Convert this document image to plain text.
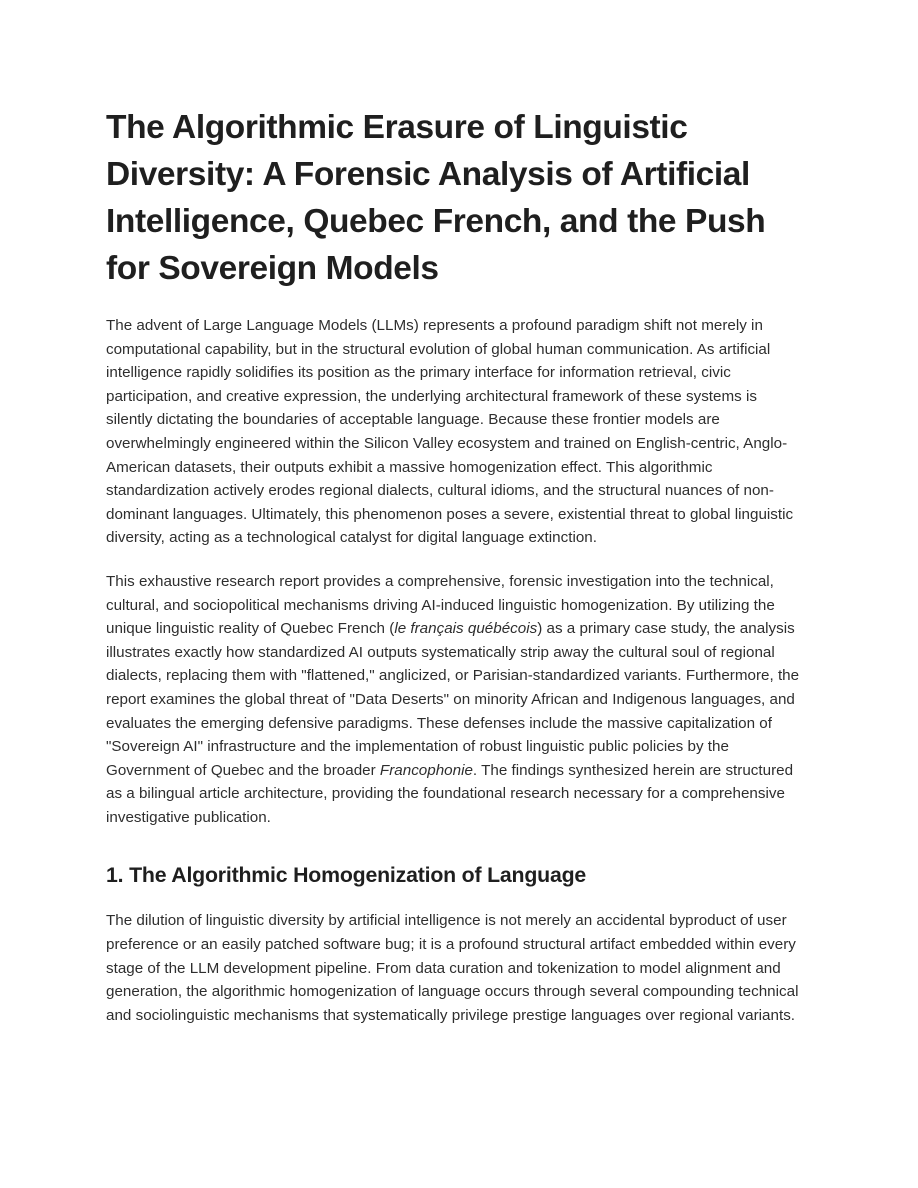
The Algorithmic Erasure of Linguistic Diversity: A Forensic Analysis of Artificial Intelligence, Quebec French, and the Push for Sovereign Models

The advent of Large Language Models (LLMs) represents a profound paradigm shift not merely in computational capability, but in the structural evolution of global human communication. As artificial intelligence rapidly solidifies its position as the primary interface for information retrieval, civic participation, and creative expression, the underlying architectural framework of these systems is silently dictating the boundaries of acceptable language. Because these frontier models are overwhelmingly engineered within the Silicon Valley ecosystem and trained on English-centric, Anglo-American datasets, their outputs exhibit a massive homogenization effect. This algorithmic standardization actively erodes regional dialects, cultural idioms, and the structural nuances of non-dominant languages. Ultimately, this phenomenon poses a severe, existential threat to global linguistic diversity, acting as a technological catalyst for digital language extinction.

This exhaustive research report provides a comprehensive, forensic investigation into the technical, cultural, and sociopolitical mechanisms driving AI-induced linguistic homogenization. By utilizing the unique linguistic reality of Quebec French (le français québécois) as a primary case study, the analysis illustrates exactly how standardized AI outputs systematically strip away the cultural soul of regional dialects, replacing them with "flattened," anglicized, or Parisian-standardized variants. Furthermore, the report examines the global threat of "Data Deserts" on minority African and Indigenous languages, and evaluates the emerging defensive paradigms. These defenses include the massive capitalization of "Sovereign AI" infrastructure and the implementation of robust linguistic public policies by the Government of Quebec and the broader Francophonie. The findings synthesized herein are structured as a bilingual article architecture, providing the foundational research necessary for a comprehensive investigative publication.

1. The Algorithmic Homogenization of Language

The dilution of linguistic diversity by artificial intelligence is not merely an accidental byproduct of user preference or an easily patched software bug; it is a profound structural artifact embedded within every stage of the LLM development pipeline. From data curation and tokenization to model alignment and generation, the algorithmic homogenization of language occurs through several compounding technical and sociolinguistic mechanisms that systematically privilege prestige languages over regional variants.
